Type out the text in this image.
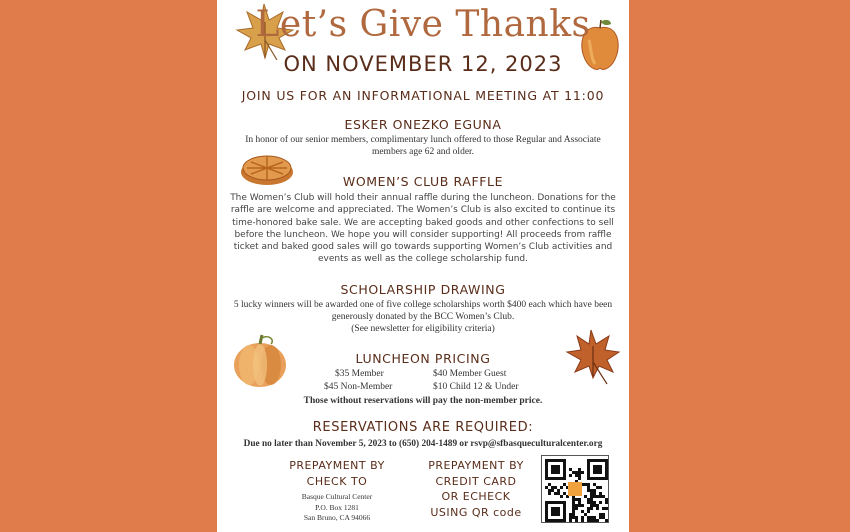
Let’s Give Thanks
ON NOVEMBER 12, 2023
JOIN US FOR AN INFORMATIONAL MEETING AT 11:00
ESKER ONEZKO EGUNA
In honor of our senior members, complimentary lunch offered to those Regular and Associate
members age 62 and older.
WOMEN’S CLUB RAFFLE
The Women’s Club will hold their annual raffle during the luncheon. Donations for the
raffle are welcome and appreciated. The Women’s Club is also excited to continue its
time-honored bake sale. We are accepting baked goods and other confections to sell
before the luncheon. We hope you will consider supporting! All proceeds from raffle
ticket and baked good sales will go towards supporting Women’s Club activities and
events as well as the college scholarship fund.
SCHOLARSHIP DRAWING
5 lucky winners will be awarded one of five college scholarships worth $400 each which have been
generously donated by the BCC Women’s Club.
(See newsletter for eligibility criteria)
LUNCHEON PRICING
$35 Member	$40 Member Guest
$45 Non-Member	$10 Child 12 & Under
Those without reservations will pay the non-member price.
RESERVATIONS ARE REQUIRED:
Due no later than November 5, 2023 to (650) 204-1489 or rsvp@sfbasqueculturalcenter.org
PREPAYMENT BY
CHECK TO
Basque Cultural Center
P.O. Box 1281
San Bruno, CA 94066
PREPAYMENT BY
CREDIT CARD
OR ECHECK
USING QR code
